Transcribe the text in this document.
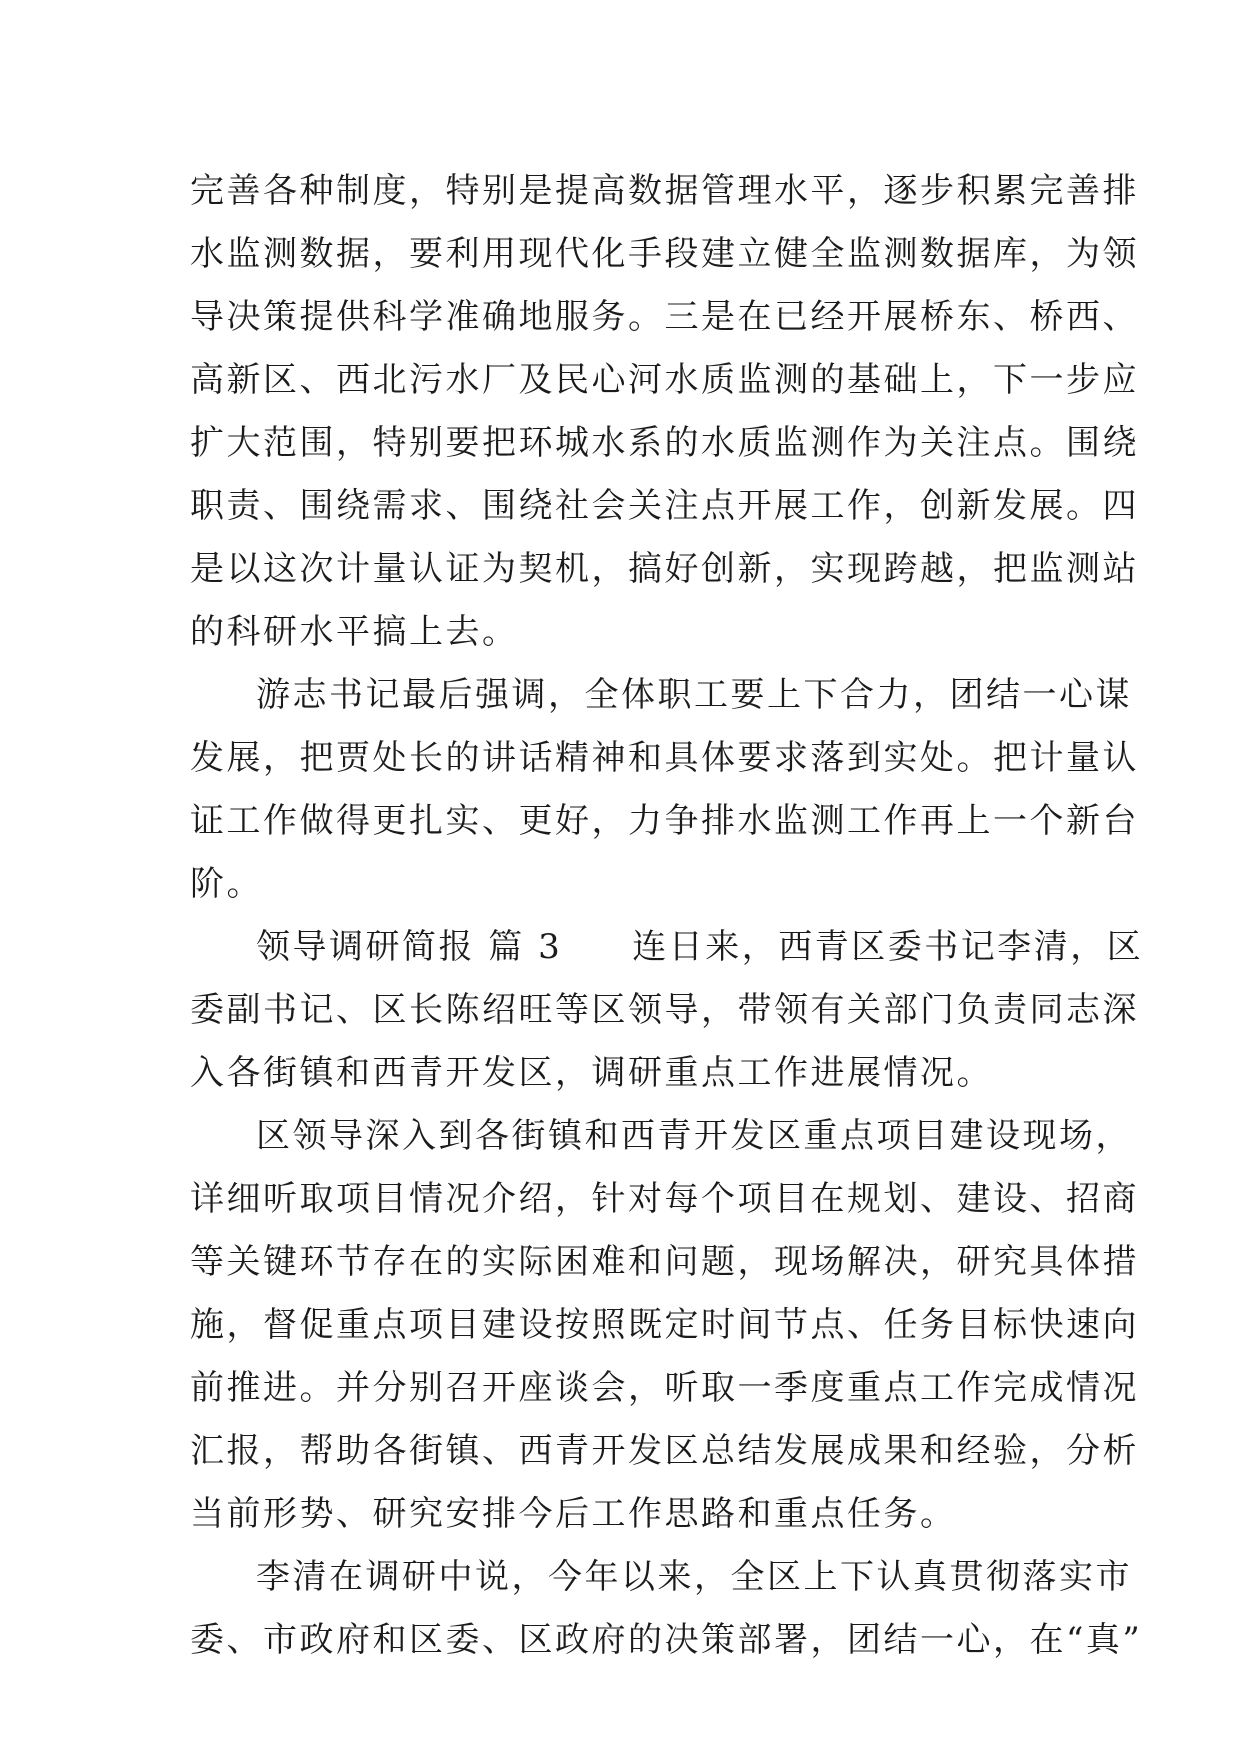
完善各种制度，特别是提高数据管理水平，逐步积累完善排
水监测数据，要利用现代化手段建立健全监测数据库，为领
导决策提供科学准确地服务。三是在已经开展桥东、桥西、
高新区、西北污水厂及民心河水质监测的基础上，下一步应
扩大范围，特别要把环城水系的水质监测作为关注点。围绕
职责、围绕需求、围绕社会关注点开展工作，创新发展。四
是以这次计量认证为契机，搞好创新，实现跨越，把监测站
的科研水平搞上去。
游志书记最后强调，全体职工要上下合力，团结一心谋
发展，把贾处长的讲话精神和具体要求落到实处。把计量认
证工作做得更扎实、更好，力争排水监测工作再上一个新台
阶。
领导调研简报 篇 3 连日来，西青区委书记李清，区
委副书记、区长陈绍旺等区领导，带领有关部门负责同志深
入各街镇和西青开发区，调研重点工作进展情况。
区领导深入到各街镇和西青开发区重点项目建设现场，
详细听取项目情况介绍，针对每个项目在规划、建设、招商
等关键环节存在的实际困难和问题，现场解决，研究具体措
施，督促重点项目建设按照既定时间节点、任务目标快速向
前推进。并分别召开座谈会，听取一季度重点工作完成情况
汇报，帮助各街镇、西青开发区总结发展成果和经验，分析
当前形势、研究安排今后工作思路和重点任务。
李清在调研中说，今年以来，全区上下认真贯彻落实市
委、市政府和区委、区政府的决策部署，团结一心，在“真”
